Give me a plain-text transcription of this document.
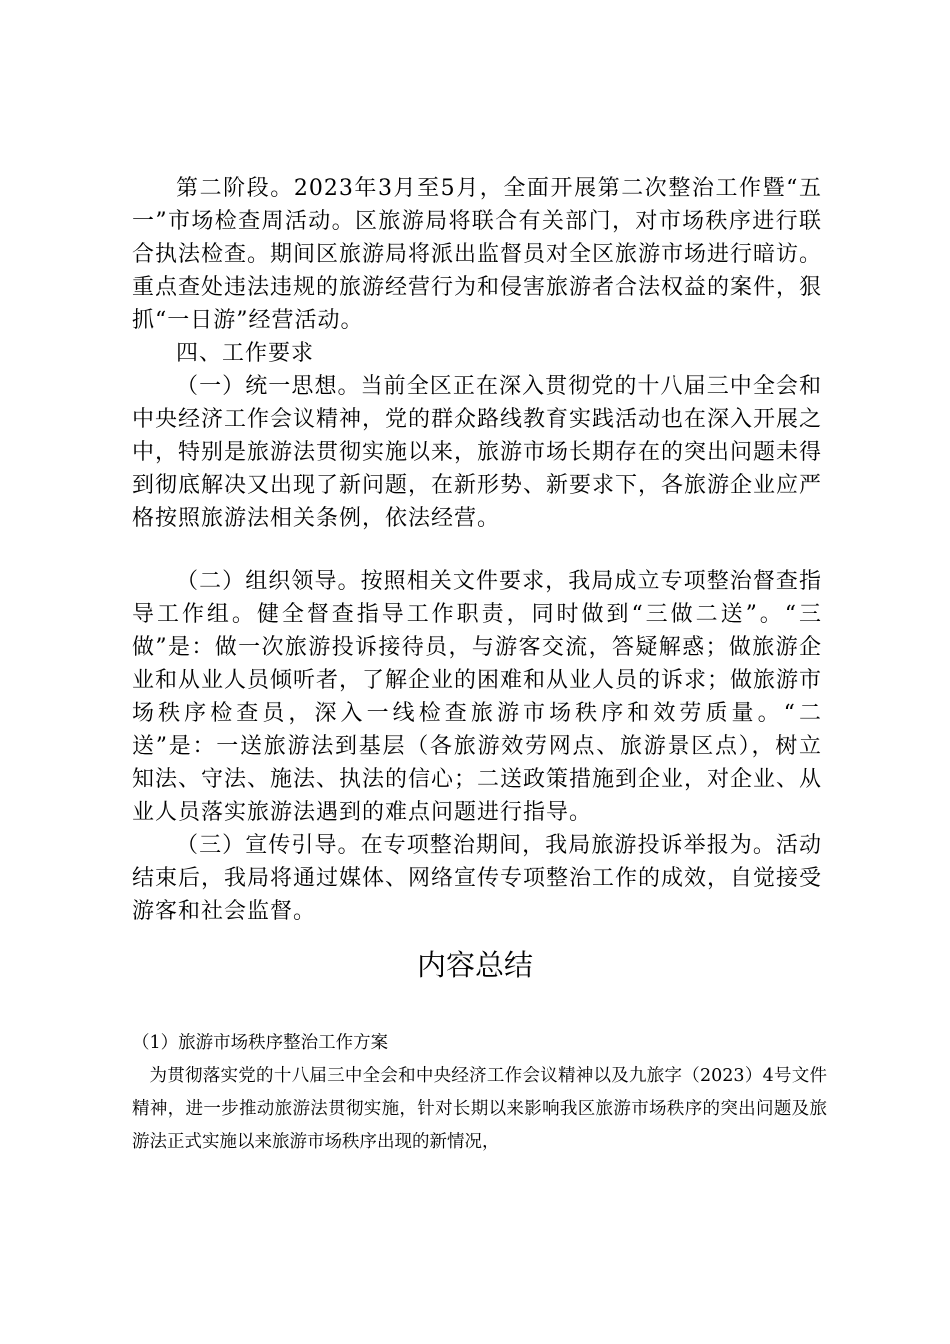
第二阶段。2023年3月至5月，全面开展第二次整治工作暨“五一”市场检查周活动。区旅游局将联合有关部门，对市场秩序进行联合执法检查。期间区旅游局将派出监督员对全区旅游市场进行暗访。重点查处违法违规的旅游经营行为和侵害旅游者合法权益的案件，狠抓“一日游”经营活动。

四、工作要求

（一）统一思想。当前全区正在深入贯彻党的十八届三中全会和中央经济工作会议精神，党的群众路线教育实践活动也在深入开展之中，特别是旅游法贯彻实施以来，旅游市场长期存在的突出问题未得到彻底解决又出现了新问题，在新形势、新要求下，各旅游企业应严格按照旅游法相关条例，依法经营。

（二）组织领导。按照相关文件要求，我局成立专项整治督查指导工作组。健全督查指导工作职责，同时做到“三做二送”。“三做”是：做一次旅游投诉接待员，与游客交流，答疑解惑；做旅游企业和从业人员倾听者，了解企业的困难和从业人员的诉求；做旅游市场秩序检查员，深入一线检查旅游市场秩序和效劳质量。“二送”是：一送旅游法到基层（各旅游效劳网点、旅游景区点），树立知法、守法、施法、执法的信心；二送政策措施到企业，对企业、从业人员落实旅游法遇到的难点问题进行指导。

（三）宣传引导。在专项整治期间，我局旅游投诉举报为。活动结束后，我局将通过媒体、网络宣传专项整治工作的成效，自觉接受游客和社会监督。

内容总结

（1）旅游市场秩序整治工作方案

为贯彻落实党的十八届三中全会和中央经济工作会议精神以及九旅字（2023）4号文件精神，进一步推动旅游法贯彻实施，针对长期以来影响我区旅游市场秩序的突出问题及旅游法正式实施以来旅游市场秩序出现的新情况，
